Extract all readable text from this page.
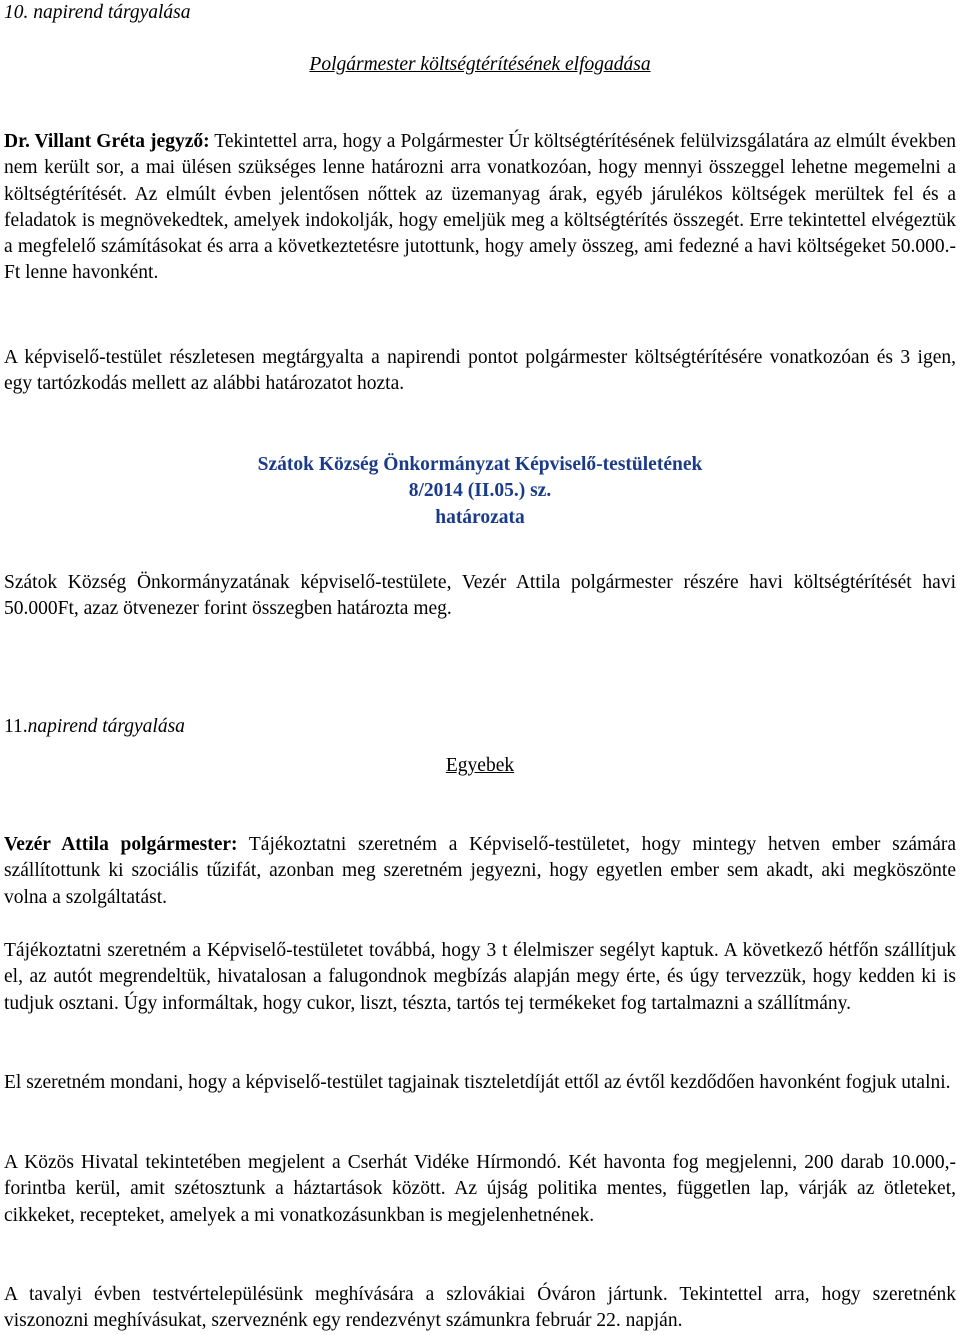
10. napirend tárgyalása
Polgármester költségtérítésének elfogadása
Dr. Villant Gréta jegyző: Tekintettel arra, hogy a Polgármester Úr költségtérítésének felülvizsgálatára az elmúlt években nem került sor, a mai ülésen szükséges lenne határozni arra vonatkozóan, hogy mennyi összeggel lehetne megemelni a költségtérítését. Az elmúlt évben jelentősen nőttek az üzemanyag árak, egyéb járulékos költségek merültek fel és a feladatok is megnövekedtek, amelyek indokolják, hogy emeljük meg a költségtérítés összegét. Erre tekintettel elvégeztük a megfelelő számításokat és arra a következtetésre jutottunk, hogy amely összeg, ami fedezné a havi költségeket 50.000.-Ft lenne havonként.
A képviselő-testület részletesen megtárgyalta a napirendi pontot polgármester költségtérítésére vonatkozóan és 3 igen, egy tartózkodás mellett az alábbi határozatot hozta.

Szátok Község Önkormányzat Képviselő-testületének

8/2014 (II.05.) sz.

határozata

Szátok Község Önkormányzatának képviselő-testülete, Vezér Attila polgármester részére havi költségtérítését havi 50.000Ft, azaz ötvenezer forint összegben határozta meg.
11.napirend tárgyalása
Egyebek
Vezér Attila polgármester: Tájékoztatni szeretném a Képviselő-testületet, hogy mintegy hetven ember számára szállítottunk ki szociális tűzifát, azonban meg szeretném jegyezni, hogy egyetlen ember sem akadt, aki megköszönte volna a szolgáltatást.
Tájékoztatni szeretném a Képviselő-testületet továbbá, hogy 3 t élelmiszer segélyt kaptuk. A következő hétfőn szállítjuk el, az autót megrendeltük, hivatalosan a falugondnok megbízás alapján megy érte, és úgy tervezzük, hogy kedden ki is tudjuk osztani. Úgy informáltak, hogy cukor, liszt, tészta, tartós tej termékeket fog tartalmazni a szállítmány.
El szeretném mondani, hogy a képviselő-testület tagjainak tiszteletdíját ettől az évtől kezdődően havonként fogjuk utalni.
A Közös Hivatal tekintetében megjelent a Cserhát Vidéke Hírmondó. Két havonta fog megjelenni, 200 darab 10.000,- forintba kerül, amit szétosztunk a háztartások között. Az újság politika mentes, független lap, várják az ötleteket, cikkeket, recepteket, amelyek a mi vonatkozásunkban is megjelenhetnének.
A tavalyi évben testvértelepülésünk meghívására a szlovákiai Óváron jártunk. Tekintettel arra, hogy szeretnénk viszonozni meghívásukat, szerveznénk egy rendezvényt számunkra február 22. napján.
